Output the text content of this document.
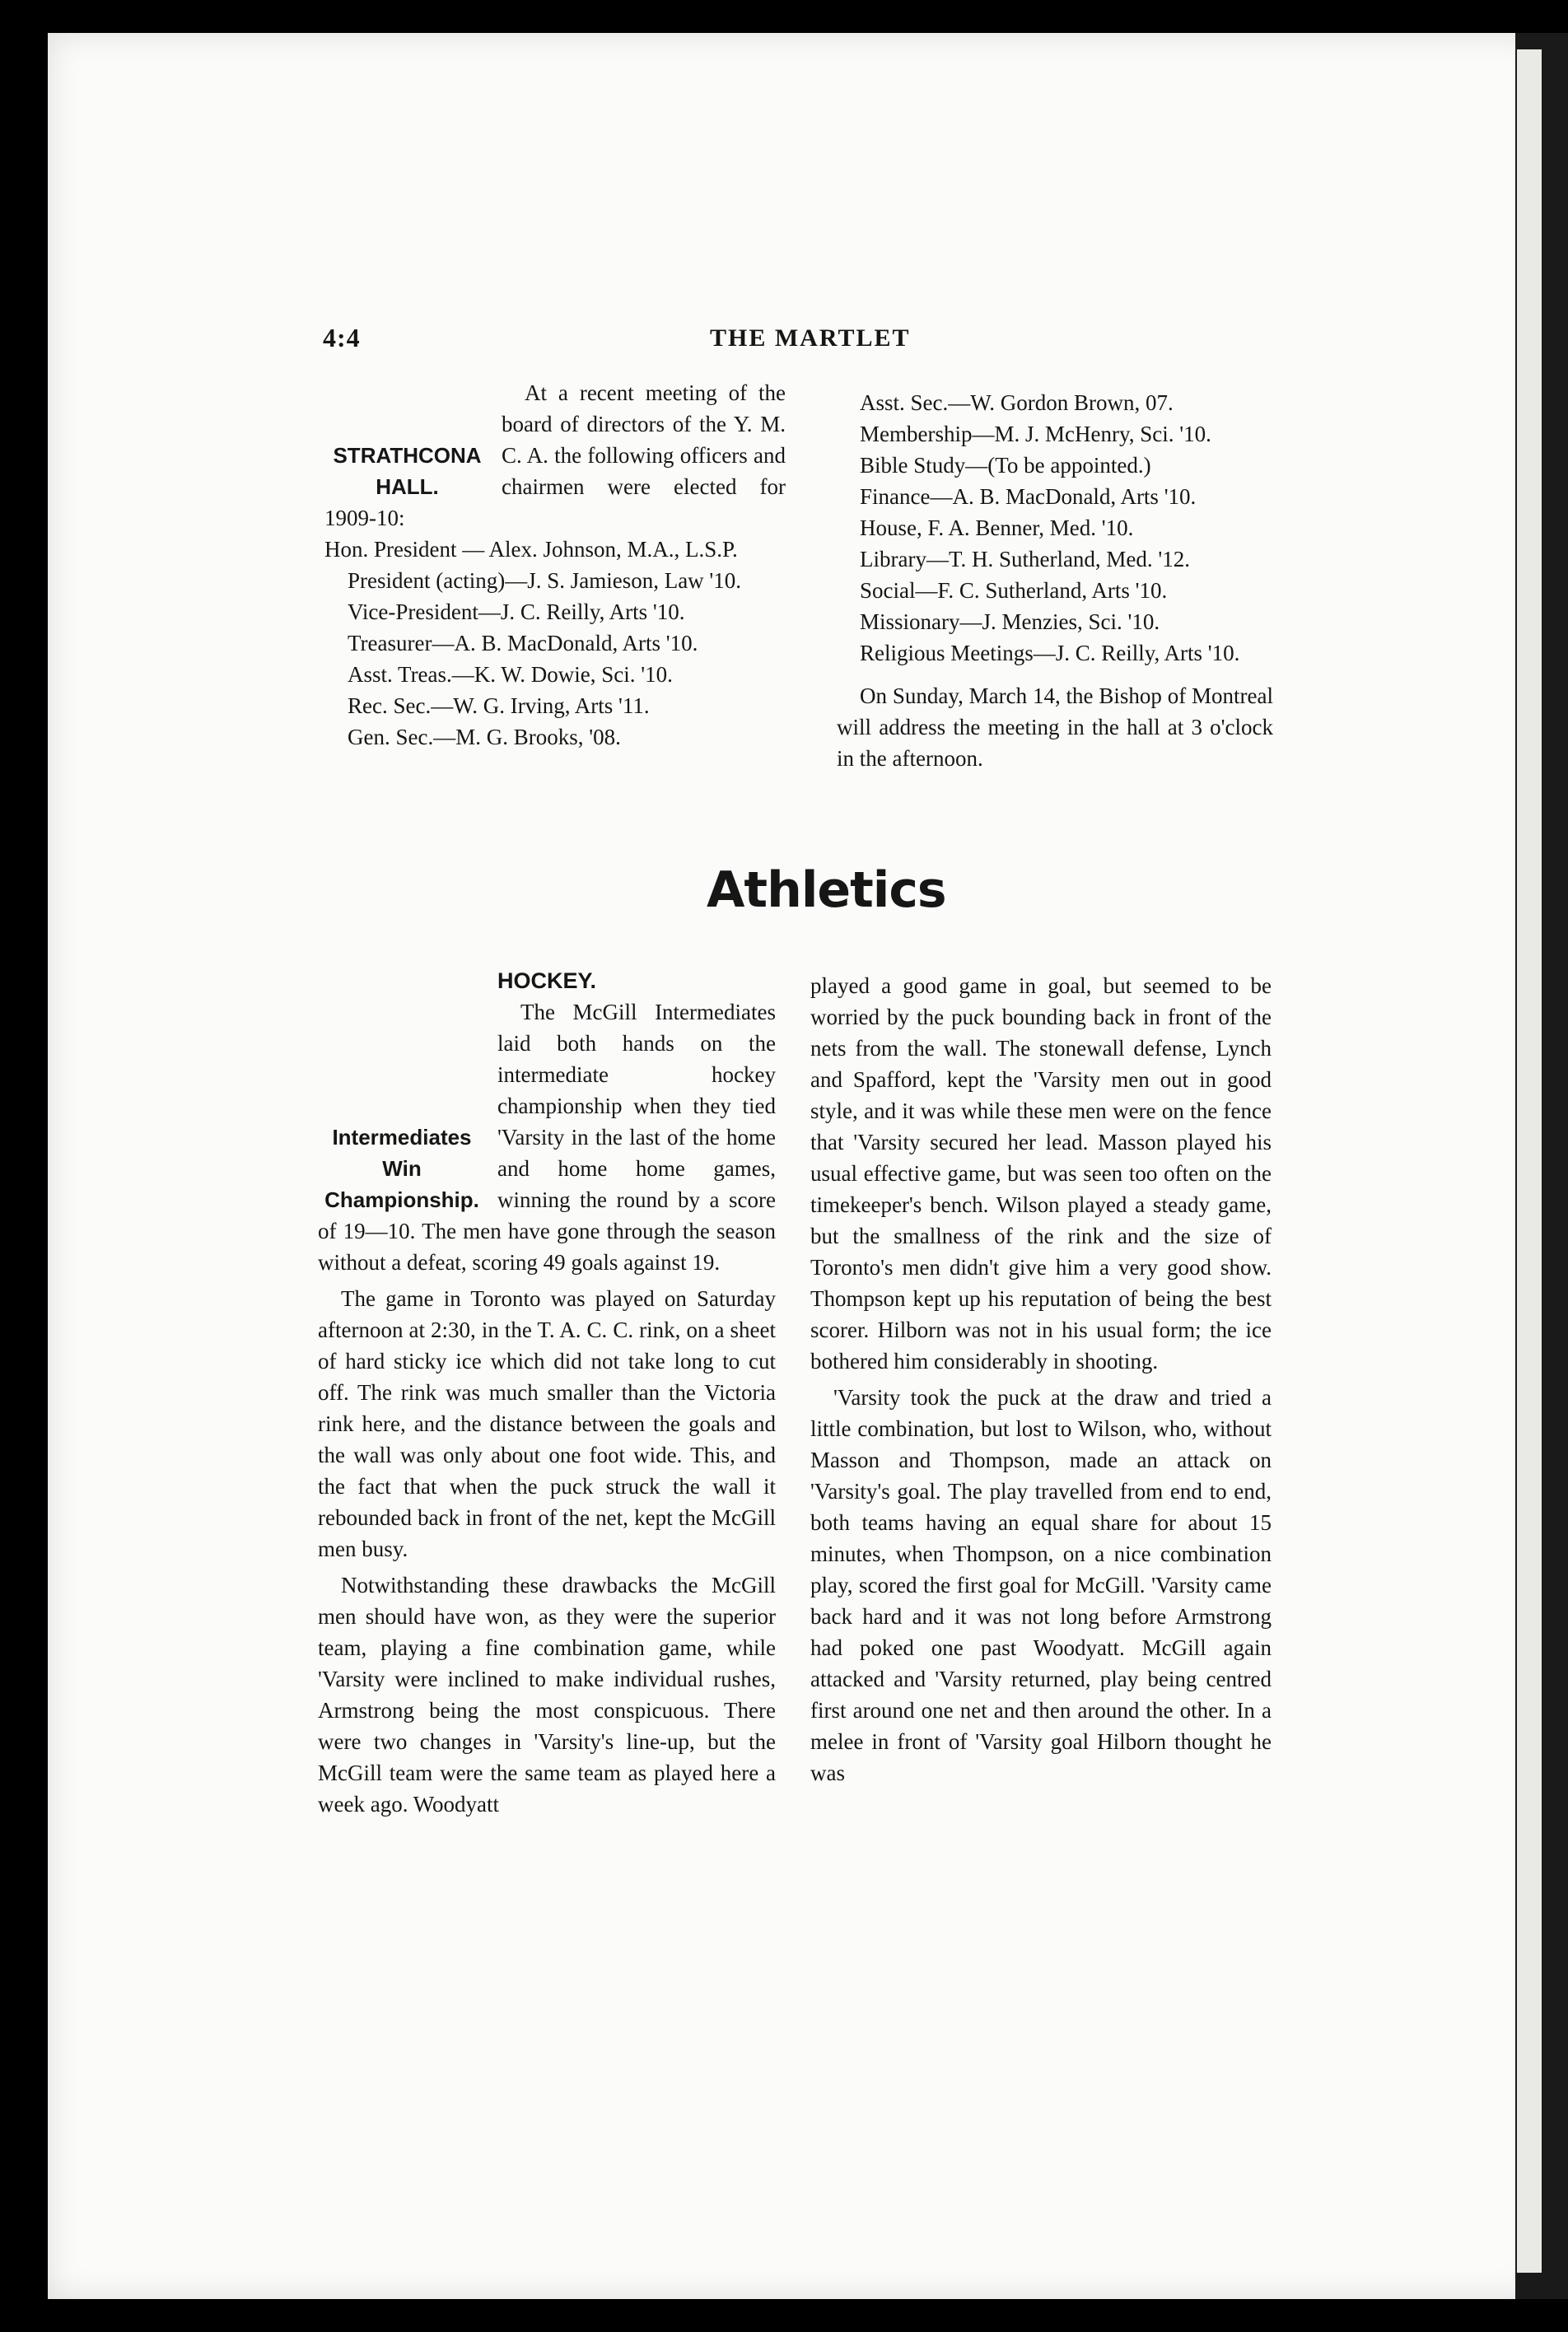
4:4	THE MARTLET
STRATHCONA
HALL.

At a recent meeting of the board of directors of the Y. M. C. A. the following officers and chairmen were elected for 1909-10:

Hon. President — Alex. Johnson, M.A., L.S.P.

President (acting)—J. S. Jamieson, Law '10.

Vice-President—J. C. Reilly, Arts '10.

Treasurer—A. B. MacDonald, Arts '10.

Asst. Treas.—K. W. Dowie, Sci. '10.

Rec. Sec.—W. G. Irving, Arts '11.

Gen. Sec.—M. G. Brooks, '08.

Asst. Sec.—W. Gordon Brown, 07.

Membership—M. J. McHenry, Sci. '10.

Bible Study—(To be appointed.)

Finance—A. B. MacDonald, Arts '10.

House, F. A. Benner, Med. '10.

Library—T. H. Sutherland, Med. '12.

Social—F. C. Sutherland, Arts '10.

Missionary—J. Menzies, Sci. '10.

Religious Meetings—J. C. Reilly, Arts '10.

On Sunday, March 14, the Bishop of Montreal will address the meeting in the hall at 3 o'clock in the afternoon.

Athletics
HOCKEY.
Intermediates
Win
Championship.

The McGill Intermediates laid both hands on the intermediate hockey championship when they tied 'Varsity in the last of the home and home home games, winning the round by a score of 19—10. The men have gone through the season without a defeat, scoring 49 goals against 19.

The game in Toronto was played on Saturday afternoon at 2:30, in the T. A. C. C. rink, on a sheet of hard sticky ice which did not take long to cut off. The rink was much smaller than the Victoria rink here, and the distance between the goals and the wall was only about one foot wide. This, and the fact that when the puck struck the wall it rebounded back in front of the net, kept the McGill men busy.

Notwithstanding these drawbacks the McGill men should have won, as they were the superior team, playing a fine combination game, while 'Varsity were inclined to make individual rushes, Armstrong being the most conspicuous. There were two changes in 'Varsity's line-up, but the McGill team were the same team as played here a week ago. Woodyatt

played a good game in goal, but seemed to be worried by the puck bounding back in front of the nets from the wall. The stonewall defense, Lynch and Spafford, kept the 'Varsity men out in good style, and it was while these men were on the fence that 'Varsity secured her lead. Masson played his usual effective game, but was seen too often on the timekeeper's bench. Wilson played a steady game, but the smallness of the rink and the size of Toronto's men didn't give him a very good show. Thompson kept up his reputation of being the best scorer. Hilborn was not in his usual form; the ice bothered him considerably in shooting.

'Varsity took the puck at the draw and tried a little combination, but lost to Wilson, who, without Masson and Thompson, made an attack on 'Varsity's goal. The play travelled from end to end, both teams having an equal share for about 15 minutes, when Thompson, on a nice combination play, scored the first goal for McGill. 'Varsity came back hard and it was not long before Armstrong had poked one past Woodyatt. McGill again attacked and 'Varsity returned, play being centred first around one net and then around the other. In a melee in front of 'Varsity goal Hilborn thought he was
